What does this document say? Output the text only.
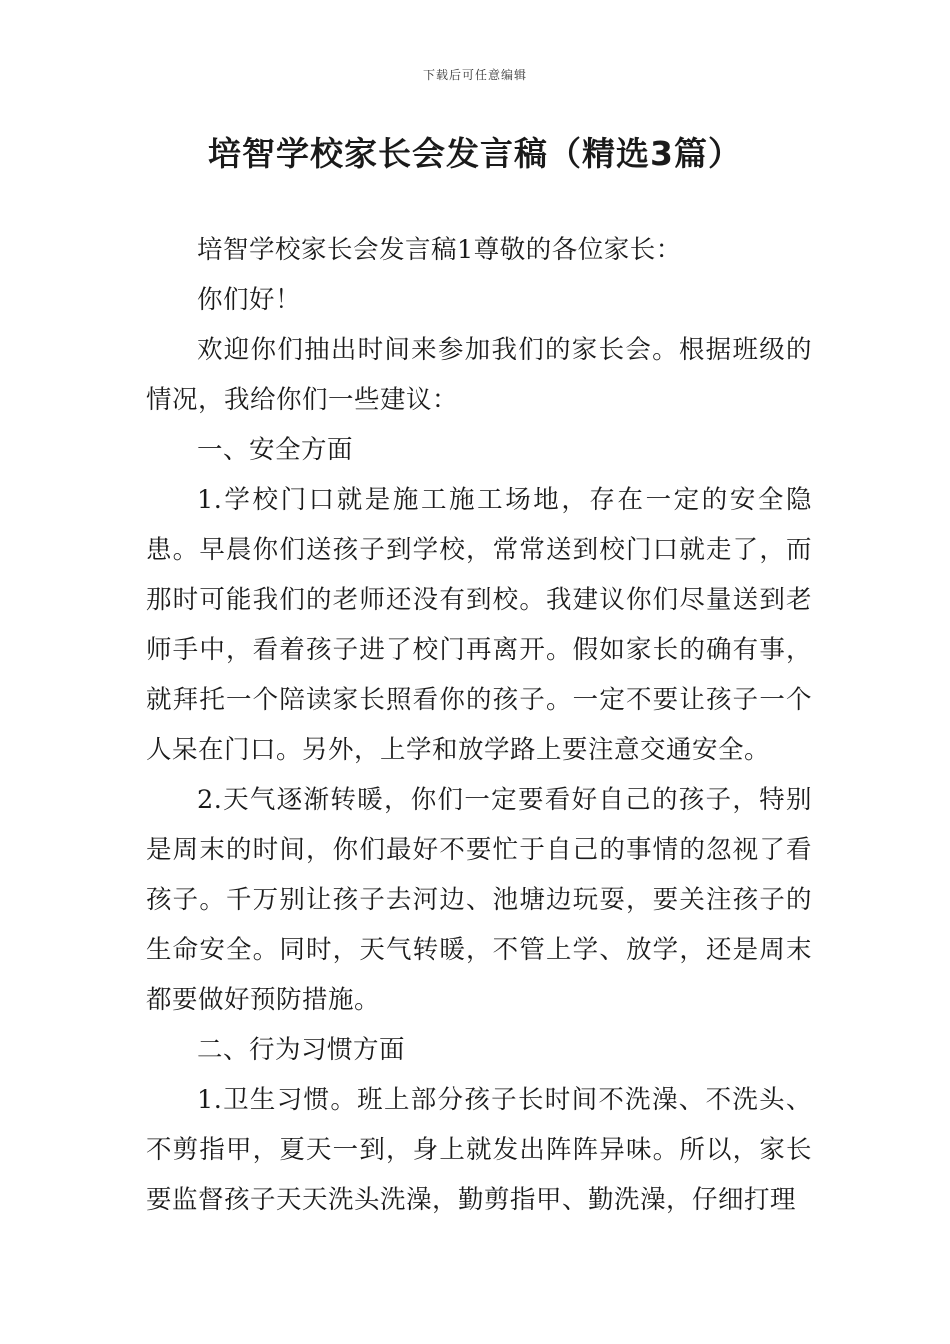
下载后可任意编辑
培智学校家长会发言稿（精选3篇）

培智学校家长会发言稿1尊敬的各位家长：

你们好！

欢迎你们抽出时间来参加我们的家长会。根据班级的情况，我给你们一些建议：

一、安全方面

1.学校门口就是施工施工场地，存在一定的安全隐患。早晨你们送孩子到学校，常常送到校门口就走了，而那时可能我们的老师还没有到校。我建议你们尽量送到老师手中，看着孩子进了校门再离开。假如家长的确有事，就拜托一个陪读家长照看你的孩子。一定不要让孩子一个人呆在门口。另外，上学和放学路上要注意交通安全。

2.天气逐渐转暖，你们一定要看好自己的孩子，特别是周末的时间，你们最好不要忙于自己的事情的忽视了看孩子。千万别让孩子去河边、池塘边玩耍，要关注孩子的生命安全。同时，天气转暖，不管上学、放学，还是周末都要做好预防措施。

二、行为习惯方面

1.卫生习惯。班上部分孩子长时间不洗澡、不洗头、不剪指甲，夏天一到，身上就发出阵阵异味。所以，家长要监督孩子天天洗头洗澡，勤剪指甲、勤洗澡，仔细打理
